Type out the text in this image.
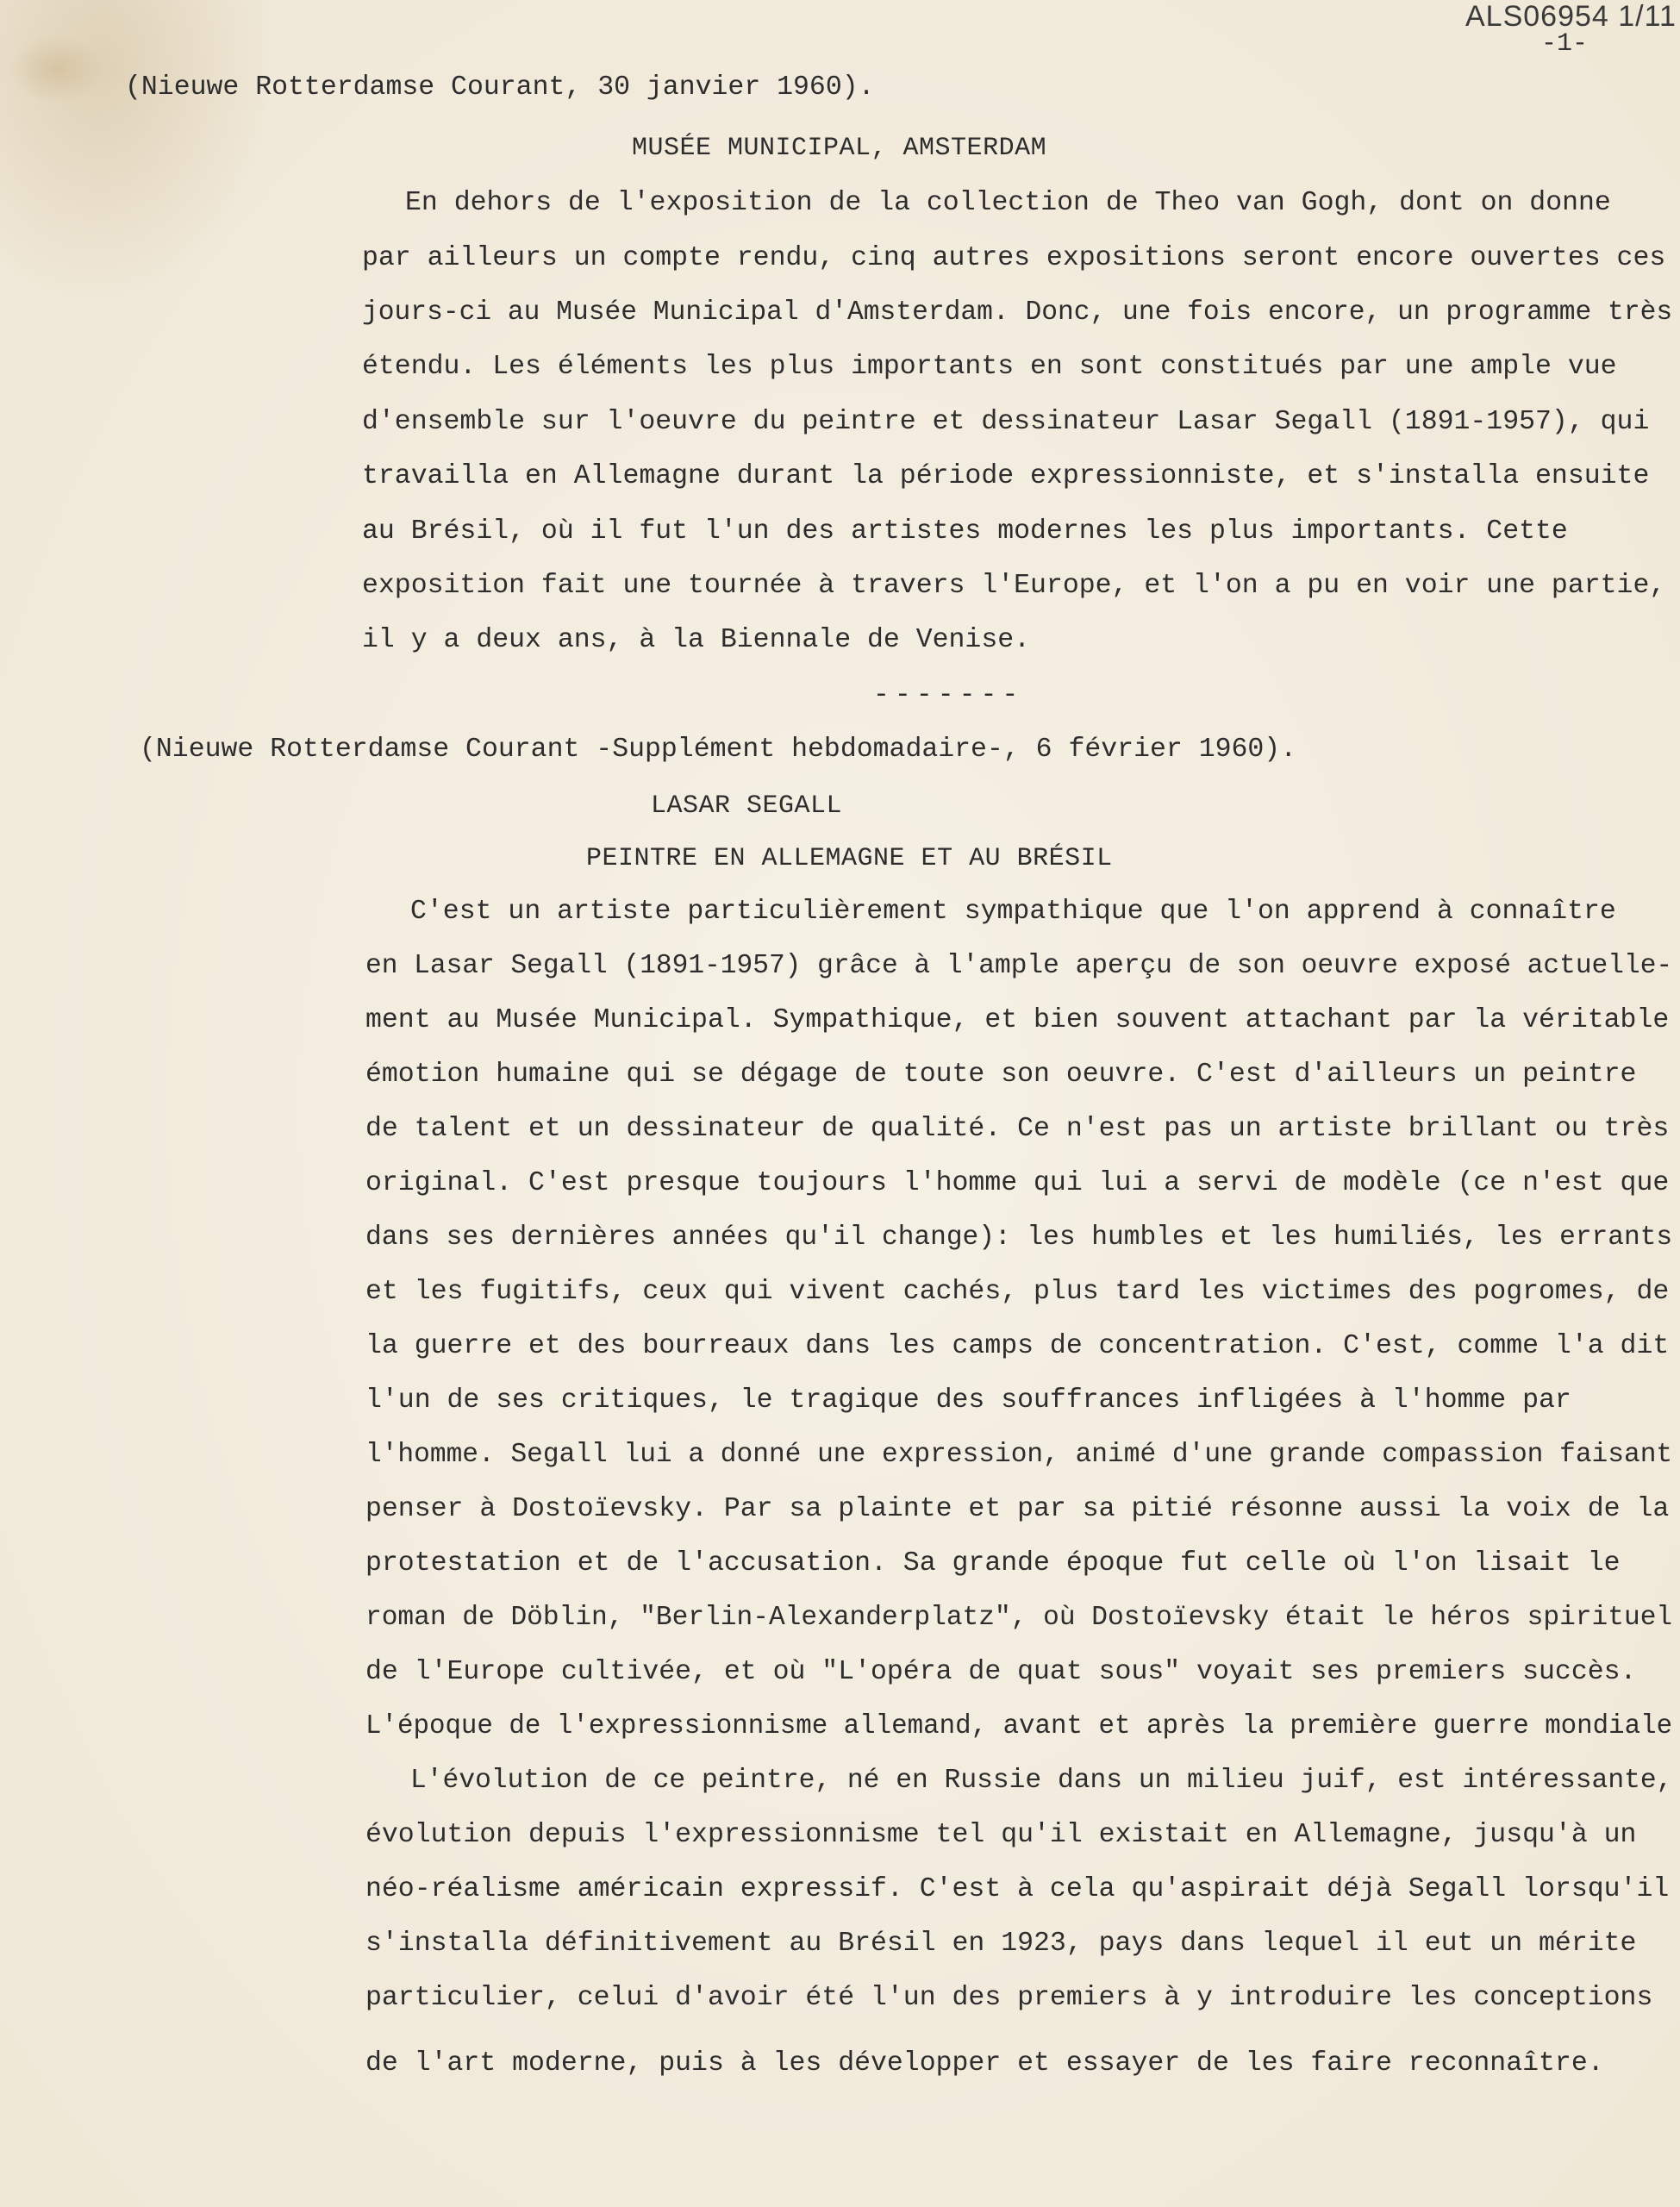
ALS06954 1/11
-1-
(Nieuwe Rotterdamse Courant, 30 janvier 1960).
MUSÉE MUNICIPAL, AMSTERDAM
En dehors de l'exposition de la collection de Theo van Gogh, dont on donne
par ailleurs un compte rendu, cinq autres expositions seront encore ouvertes ces
jours-ci au Musée Municipal d'Amsterdam. Donc, une fois encore, un programme très
étendu. Les éléments les plus importants en sont constitués par une ample vue
d'ensemble sur l'oeuvre du peintre et dessinateur Lasar Segall (1891-1957), qui
travailla en Allemagne durant la période expressionniste, et s'installa ensuite
au Brésil, où il fut l'un des artistes modernes les plus importants. Cette
exposition fait une tournée à travers l'Europe, et l'on a pu en voir une partie,
il y a deux ans, à la Biennale de Venise.
-------
(Nieuwe Rotterdamse Courant -Supplément hebdomadaire-, 6 février 1960).
LASAR SEGALL
PEINTRE EN ALLEMAGNE ET AU BRÉSIL
C'est un artiste particulièrement sympathique que l'on apprend à connaître
en Lasar Segall (1891-1957) grâce à l'ample aperçu de son oeuvre exposé actuelle-
ment au Musée Municipal. Sympathique, et bien souvent attachant par la véritable
émotion humaine qui se dégage de toute son oeuvre. C'est d'ailleurs un peintre
de talent et un dessinateur de qualité. Ce n'est pas un artiste brillant ou très
original. C'est presque toujours l'homme qui lui a servi de modèle (ce n'est que
dans ses dernières années qu'il change): les humbles et les humiliés, les errants
et les fugitifs, ceux qui vivent cachés, plus tard les victimes des pogromes, de
la guerre et des bourreaux dans les camps de concentration. C'est, comme l'a dit
l'un de ses critiques, le tragique des souffrances infligées à l'homme par
l'homme. Segall lui a donné une expression, animé d'une grande compassion faisant
penser à Dostoïevsky. Par sa plainte et par sa pitié résonne aussi la voix de la
protestation et de l'accusation. Sa grande époque fut celle où l'on lisait le
roman de Döblin, "Berlin-Alexanderplatz", où Dostoïevsky était le héros spirituel
de l'Europe cultivée, et où "L'opéra de quat sous" voyait ses premiers succès.
L'époque de l'expressionnisme allemand, avant et après la première guerre mondiale
L'évolution de ce peintre, né en Russie dans un milieu juif, est intéressante,
évolution depuis l'expressionnisme tel qu'il existait en Allemagne, jusqu'à un
néo-réalisme américain expressif. C'est à cela qu'aspirait déjà Segall lorsqu'il
s'installa définitivement au Brésil en 1923, pays dans lequel il eut un mérite
particulier, celui d'avoir été l'un des premiers à y introduire les conceptions
de l'art moderne, puis à les développer et essayer de les faire reconnaître.
